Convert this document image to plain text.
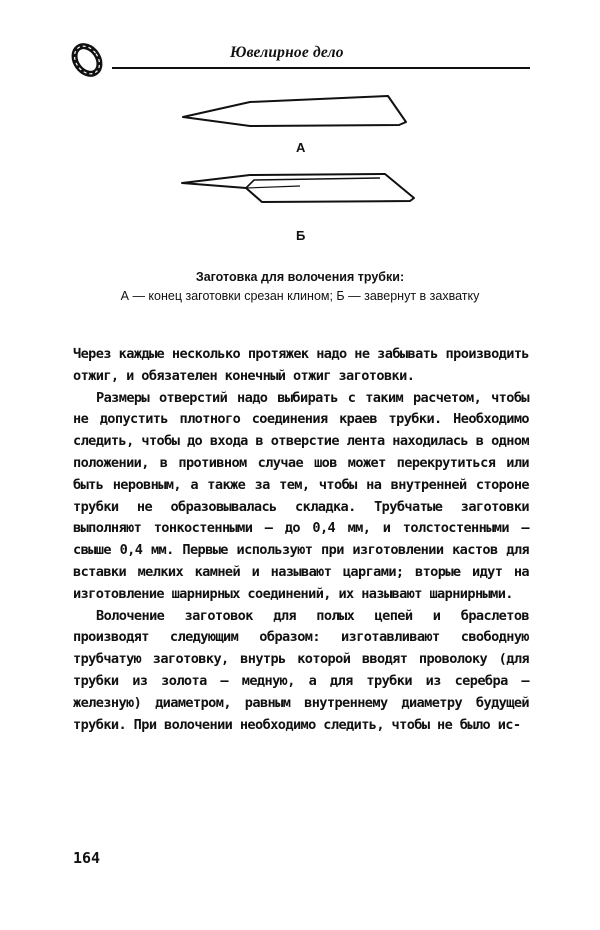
Ювелирное дело
А
Б
Заготовка для волочения трубки:
А — конец заготовки срезан клином; Б — завернут в захватку

Через каждые несколько протяжек надо не забывать производить отжиг, и обязателен конечный отжиг заготовки.

Размеры отверстий надо выбирать с таким расчетом, чтобы не допустить плотного соединения краев трубки. Необходимо следить, чтобы до входа в отверстие лента находилась в одном положении, в противном случае шов может перекрутиться или быть неровным, а также за тем, чтобы на внутренней стороне трубки не образовывалась складка. Трубчатые заготовки выполняют тонкостенными — до 0,4 мм, и толстостенными — свыше 0,4 мм. Первые используют при изготовлении кастов для вставки мелких камней и называют царгами; вторые идут на изготовление шарнирных соединений, их называют шарнирными.

Волочение заготовок для полых цепей и браслетов производят следующим образом: изготавливают свободную трубчатую заготовку, внутрь которой вводят проволоку (для трубки из золота — медную, а для трубки из серебра — железную) диаметром, равным внутреннему диаметру будущей трубки. При волочении необходимо следить, чтобы не было ис-

164
